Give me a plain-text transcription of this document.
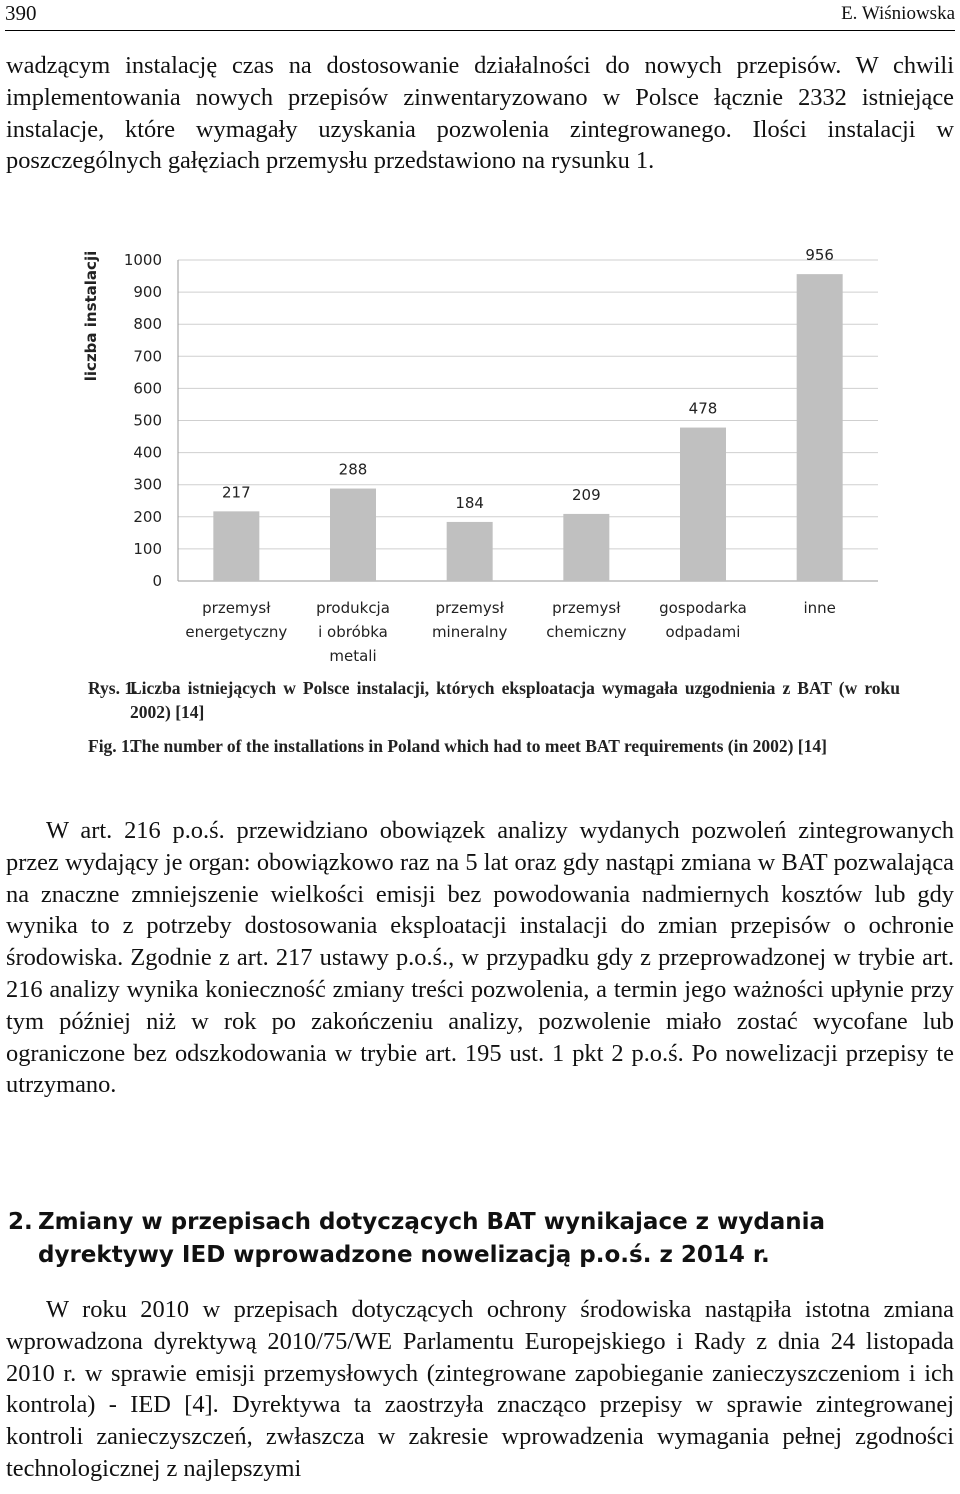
390	E. Wiśniowska

wadzącym instalację czas na dostosowanie działalności do nowych przepisów. W chwili implementowania nowych przepisów zinwentaryzowano w Polsce łącznie 2332 istniejące instalacje, które wymagały uzyskania pozwolenia zintegrowanego. Ilości instalacji w poszczególnych gałęziach przemysłu przedstawiono na rysunku 1.

0
100
200
300
400
500
600
700
800
900
1000
liczba instalacji
217
przemysł
energetyczny
288
produkcja
i obróbka
metali
184
przemysł
mineralny
209
przemysł
chemiczny
478
gospodarka
odpadami
956
inne
Rys. 1.
Liczba istniejących w Polsce instalacji, których eksploatacja wymagała uzgodnienia z BAT (w roku 2002) [14]
Fig. 1.
The number of the installations in Poland which had to meet BAT requirements (in 2002) [14]

W art. 216 p.o.ś. przewidziano obowiązek analizy wydanych pozwoleń zintegrowanych przez wydający je organ: obowiązkowo raz na 5 lat oraz gdy nastąpi zmiana w BAT pozwalająca na znaczne zmniejszenie wielkości emisji bez powodowania nadmiernych kosztów lub gdy wynika to z potrzeby dostosowania eksploatacji instalacji do zmian przepisów o ochronie środowiska. Zgodnie z art. 217 ustawy p.o.ś., w przypadku gdy z przeprowadzonej w trybie art. 216 analizy wynika konieczność zmiany treści pozwolenia, a termin jego ważności upłynie przy tym później niż w rok po zakończeniu analizy, pozwolenie miało zostać wycofane lub ograniczone bez odszkodowania w trybie art. 195 ust. 1 pkt 2 p.o.ś. Po nowelizacji przepisy te utrzymano.

2. Zmiany w przepisach dotyczących BAT wynikajace z wydania dyrektywy IED wprowadzone nowelizacją p.o.ś. z 2014 r.

W roku 2010 w przepisach dotyczących ochrony środowiska nastąpiła istotna zmiana wprowadzona dyrektywą 2010/75/WE Parlamentu Europejskiego i Rady z dnia 24 listopada 2010 r. w sprawie emisji przemysłowych (zintegrowane zapobieganie zanieczyszczeniom i ich kontrola) - IED [4]. Dyrektywa ta zaostrzyła znacząco przepisy w sprawie zintegrowanej kontroli zanieczyszczeń, zwłaszcza w zakresie wprowadzenia wymagania pełnej zgodności technologicznej z najlepszymi
